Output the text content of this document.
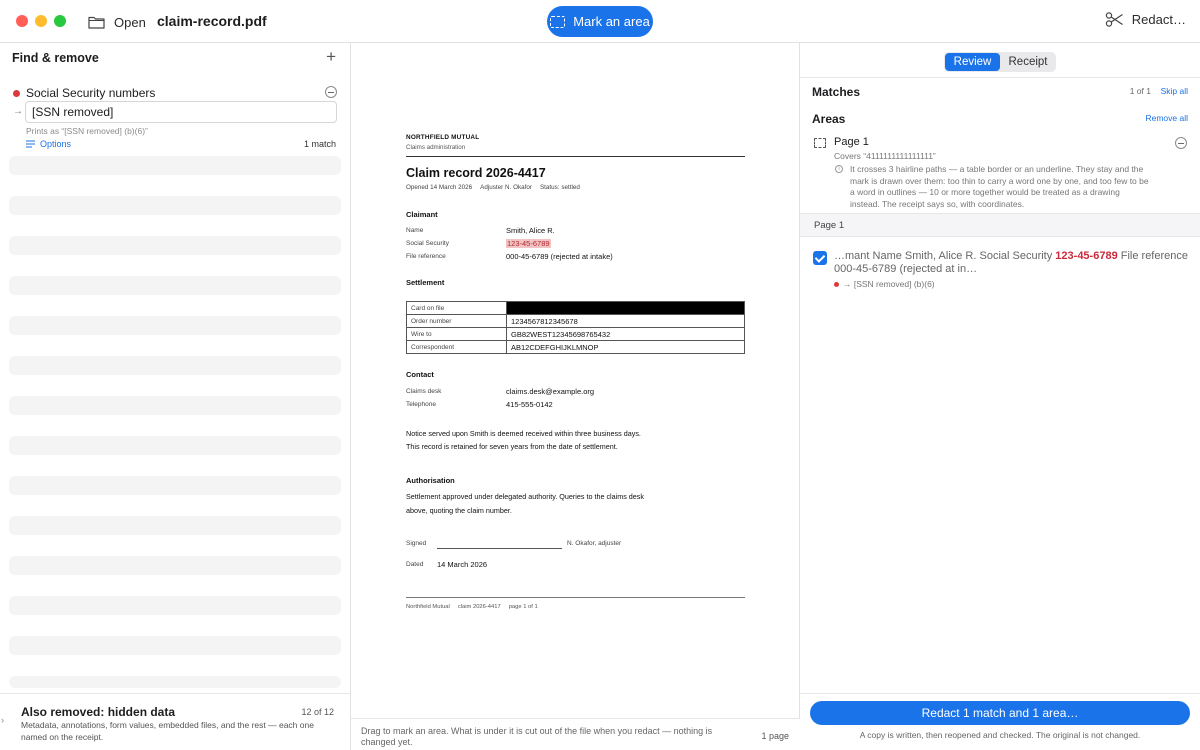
Open claim-record.pdf	Mark an area	Redact…
Find & remove	+
Social Security numbers
→
[SSN removed]
Prints as “[SSN removed] (b)(6)”
Options	1 match
›
Also removed: hidden data	12 of 12
Metadata, annotations, form values, embedded files, and the rest — each one named on the receipt.
NORTHFIELD MUTUAL
Claims administration
Claim record 2026-4417
Opened 14 March 2026 Adjuster N. Okafor Status: settled
Claimant
Name	Smith, Alice R.
Social Security	123-45-6789
File reference	000-45-6789 (rejected at intake)
Settlement
Card on file	4111111111111111
Order number	1234567812345678
Wire to	GB82WEST12345698765432
Correspondent	AB12CDEFGHIJKLMNOP
Contact
Claims desk	claims.desk@example.org
Telephone	415-555-0142
Notice served upon Smith is deemed received within three business days.
This record is retained for seven years from the date of settlement.
Authorisation
Settlement approved under delegated authority. Queries to the claims desk
above, quoting the claim number.
Signed	N. Okafor, adjuster
Dated 14 March 2026
Northfield Mutual claim 2026-4417 page 1 of 1
Drag to mark an area. What is under it is cut out of the file when you redact — nothing is changed yet.
1 page
Review	Receipt
Matches	1 of 1 Skip all
Areas	Remove all
Page 1
Covers “4111111111111111”
i	It crosses 3 hairline paths — a table border or an underline. They stay and the mark is drawn over them: too thin to carry a word one by one, and too few to be a word in outlines — 10 or more together would be treated as a drawing instead. The receipt says so, with coordinates.
Page 1
…mant Name Smith, Alice R. Social Security 123-45-6789 File reference 000-45-6789 (rejected at in…
→ [SSN removed] (b)(6)
Redact 1 match and 1 area…
A copy is written, then reopened and checked. The original is not changed.
